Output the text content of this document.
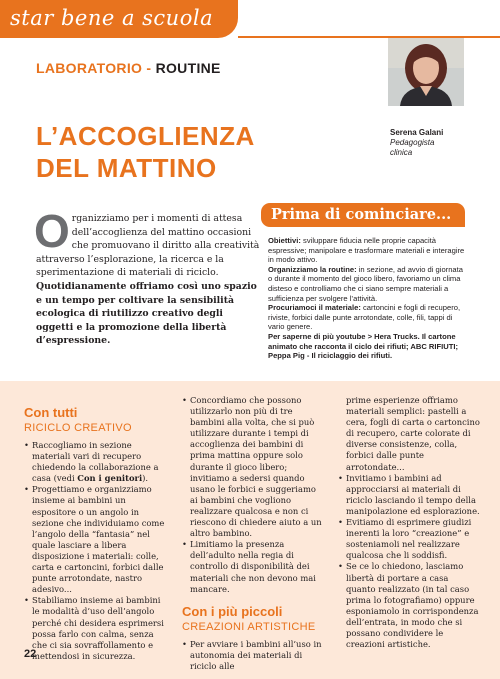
star bene a scuola
LABORATORIO - ROUTINE
Serena Galani
Pedagogista
clinica
L’ACCOGLIENZA
DEL MATTINO
O rganizziamo per i momenti di attesa dell’accoglienza del mattino occasioni che promuovano il diritto alla creatività attraverso l’esplorazione, la ricerca e la sperimentazione di materiali di riciclo. Quotidianamente offriamo così uno spazio e un tempo per coltivare la sensibilità ecologica di riutilizzo creativo degli oggetti e la promozione della libertà d’espressione.
Prima di cominciare...

Obiettivi: sviluppare fiducia nelle proprie capacità espressive; manipolare e trasformare materiali e interagire in modo attivo.

Organizziamo la routine: in sezione, ad avvio di giornata o durante il momento del gioco libero, favoriamo un clima disteso e controlliamo che ci siano sempre materiali a sufficienza per svolgere l’attività.

Procuriamoci il materiale: cartoncini e fogli di recupero, riviste, forbici dalle punte arrotondate, colle, fili, tappi di vario genere.

Per saperne di più youtube > Hera Trucks. Il cartone animato che racconta il ciclo dei rifiuti; ABC RIFIUTI; Peppa Pig - Il riciclaggio dei rifiuti.

Con tutti
RICICLO CREATIVO
• Raccogliamo in sezione materiali vari di recupero chiedendo la collaborazione a casa (vedi Con i genitori).
• Progettiamo e organizziamo insieme ai bambini un espositore o un angolo in sezione che individuiamo come l’angolo della “fantasia” nel quale lasciare a libera disposizione i materiali: colle, carta e cartoncini, forbici dalle punte arrotondate, nastro adesivo...
• Stabiliamo insieme ai bambini le modalità d’uso dell’angolo perché chi desidera esprimersi possa farlo con calma, senza che ci sia sovraffollamento e mettendosi in sicurezza.
• Concordiamo che possono utilizzarlo non più di tre bambini alla volta, che si può utilizzare durante i tempi di accoglienza dei bambini di prima mattina oppure solo durante il gioco libero; invitiamo a sedersi quando usano le forbici e suggeriamo ai bambini che vogliono realizzare qualcosa e non ci riescono di chiedere aiuto a un altro bambino.
• Limitiamo la presenza dell’adulto nella regia di controllo di disponibilità dei materiali che non devono mai mancare.
Con i più piccoli
CREAZIONI ARTISTICHE
• Per avviare i bambini all’uso in autonomia dei materiali di riciclo alle
prime esperienze offriamo materiali semplici: pastelli a cera, fogli di carta o cartoncino di recupero, carte colorate di diverse consistenze, colla, forbici dalle punte arrotondate...
• Invitiamo i bambini ad approcciarsi ai materiali di riciclo lasciando il tempo della manipolazione ed esplorazione.
• Evitiamo di esprimere giudizi inerenti la loro “creazione” e sosteniamoli nel realizzare qualcosa che li soddisfi.
• Se ce lo chiedono, lasciamo libertà di portare a casa quanto realizzato (in tal caso prima lo fotografiamo) oppure esponiamolo in corrispondenza dell’entrata, in modo che si possano condividere le creazioni artistiche.
22
